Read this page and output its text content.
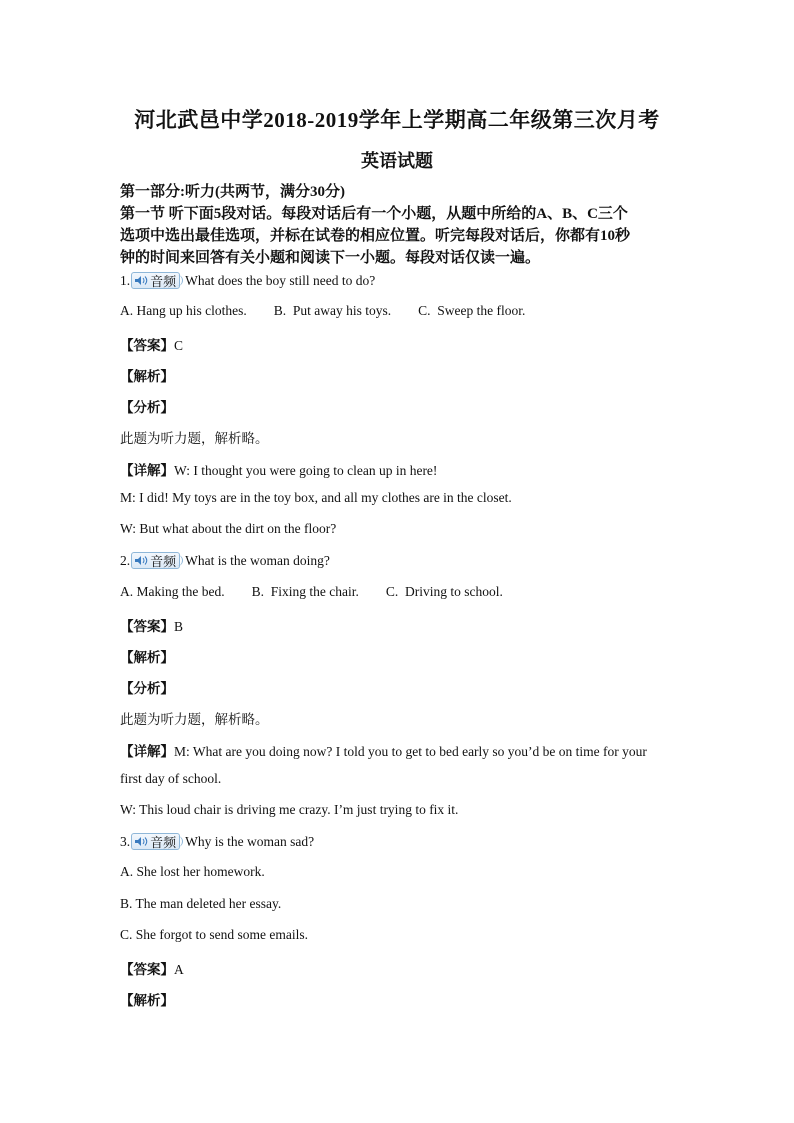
河北武邑中学2018-2019学年上学期高二年级第三次月考
英语试题
第一部分:听力(共两节，满分30分)
第一节 听下面5段对话。每段对话后有一个小题，从题中所给的A、B、C三个
选项中选出最佳选项，并标在试卷的相应位置。听完每段对话后，你都有10秒
钟的时间来回答有关小题和阅读下一小题。每段对话仅读一遍。
1. 音频 What does the boy still need to do?
A. Hang up his clothes.        B.  Put away his toys.        C.  Sweep the floor.
【答案】C
【解析】
【分析】
此题为听力题，解析略。
【详解】W: I thought you were going to clean up in here!
M: I did! My toys are in the toy box, and all my clothes are in the closet.
W: But what about the dirt on the floor?
2. 音频 What is the woman doing?
A. Making the bed.        B.  Fixing the chair.        C.  Driving to school.
【答案】B
【解析】
【分析】
此题为听力题，解析略。
【详解】M: What are you doing now? I told you to get to bed early so you’d be on time for your
first day of school.
W: This loud chair is driving me crazy. I’m just trying to fix it.
3. 音频 Why is the woman sad?
A. She lost her homework.
B. The man deleted her essay.
C. She forgot to send some emails.
【答案】A
【解析】
